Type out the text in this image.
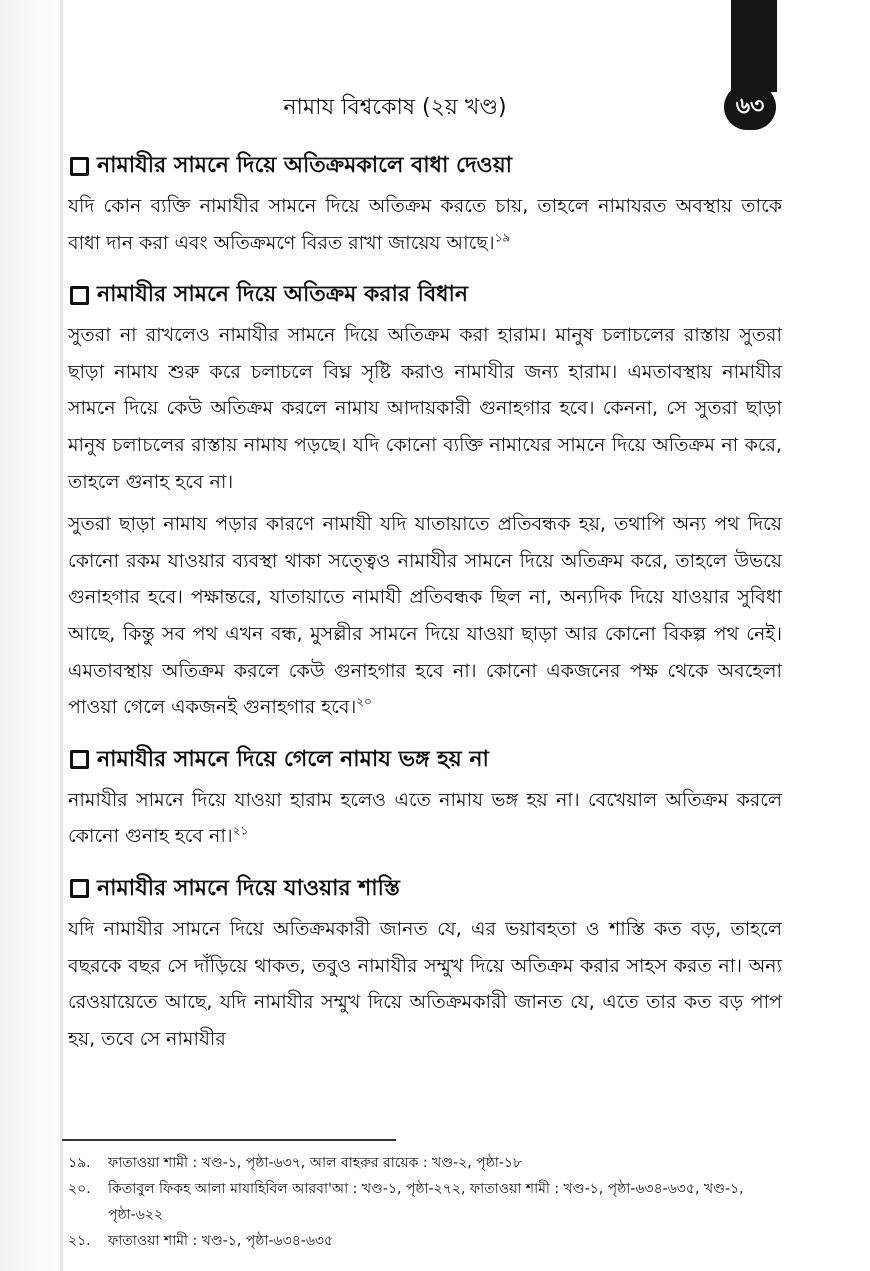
নামায বিশ্বকোষ (২য় খণ্ড)	৬৩
নামাযীর সামনে দিয়ে অতিক্রমকালে বাধা দেওয়া

যদি কোন ব্যক্তি নামাযীর সামনে দিয়ে অতিক্রম করতে চায়, তাহলে নামাযরত অবস্থায় তাকে বাধা দান করা এবং অতিক্রমণে বিরত রাখা জায়েয আছে।$^{১৯}$

নামাযীর সামনে দিয়ে অতিক্রম করার বিধান

সুতরা না রাখলেও নামাযীর সামনে দিয়ে অতিক্রম করা হারাম। মানুষ চলাচলের রাস্তায় সুতরা ছাড়া নামায শুরু করে চলাচলে বিঘ্ন সৃষ্টি করাও নামাযীর জন্য হারাম। এমতাবস্থায় নামাযীর সামনে দিয়ে কেউ অতিক্রম করলে নামায আদায়কারী গুনাহগার হবে। কেননা, সে সুতরা ছাড়া মানুষ চলাচলের রাস্তায় নামায পড়ছে। যদি কোনো ব্যক্তি নামাযের সামনে দিয়ে অতিক্রম না করে, তাহলে গুনাহ হবে না।

সুতরা ছাড়া নামায পড়ার কারণে নামাযী যদি যাতায়াতে প্রতিবন্ধক হয়, তথাপি অন্য পথ দিয়ে কোনো রকম যাওয়ার ব্যবস্থা থাকা সত্ত্বেও নামাযীর সামনে দিয়ে অতিক্রম করে, তাহলে উভয়ে গুনাহগার হবে। পক্ষান্তরে, যাতায়াতে নামাযী প্রতিবন্ধক ছিল না, অন্যদিক দিয়ে যাওয়ার সুবিধা আছে, কিন্তু সব পথ এখন বন্ধ, মুসল্লীর সামনে দিয়ে যাওয়া ছাড়া আর কোনো বিকল্প পথ নেই। এমতাবস্থায় অতিক্রম করলে কেউ গুনাহগার হবে না। কোনো একজনের পক্ষ থেকে অবহেলা পাওয়া গেলে একজনই গুনাহগার হবে।$^{২০}$

নামাযীর সামনে দিয়ে গেলে নামায ভঙ্গ হয় না

নামাযীর সামনে দিয়ে যাওয়া হারাম হলেও এতে নামায ভঙ্গ হয় না। বেখেয়াল অতিক্রম করলে কোনো গুনাহ হবে না।$^{২১}$

নামাযীর সামনে দিয়ে যাওয়ার শাস্তি

যদি নামাযীর সামনে দিয়ে অতিক্রমকারী জানত যে, এর ভয়াবহতা ও শাস্তি কত বড়, তাহলে বছরকে বছর সে দাঁড়িয়ে থাকত, তবুও নামাযীর সম্মুখ দিয়ে অতিক্রম করার সাহস করত না। অন্য রেওয়ায়েতে আছে, যদি নামাযীর সম্মুখ দিয়ে অতিক্রমকারী জানত যে, এতে তার কত বড় পাপ হয়, তবে সে নামাযীর

১৯.	ফাতাওয়া শামী : খণ্ড-১, পৃষ্ঠা-৬৩৭, আল বাহরুর রায়েক : খণ্ড-২, পৃষ্ঠা-১৮
২০.	কিতাবুল ফিকহ আলা মাযাহিবিল আরবা'আ : খণ্ড-১, পৃষ্ঠা-২৭২, ফাতাওয়া শামী : খণ্ড-১, পৃষ্ঠা-৬৩৪-৬৩৫, খণ্ড-১, পৃষ্ঠা-৬২২
২১.	ফাতাওয়া শামী : খণ্ড-১, পৃষ্ঠা-৬৩৪-৬৩৫
